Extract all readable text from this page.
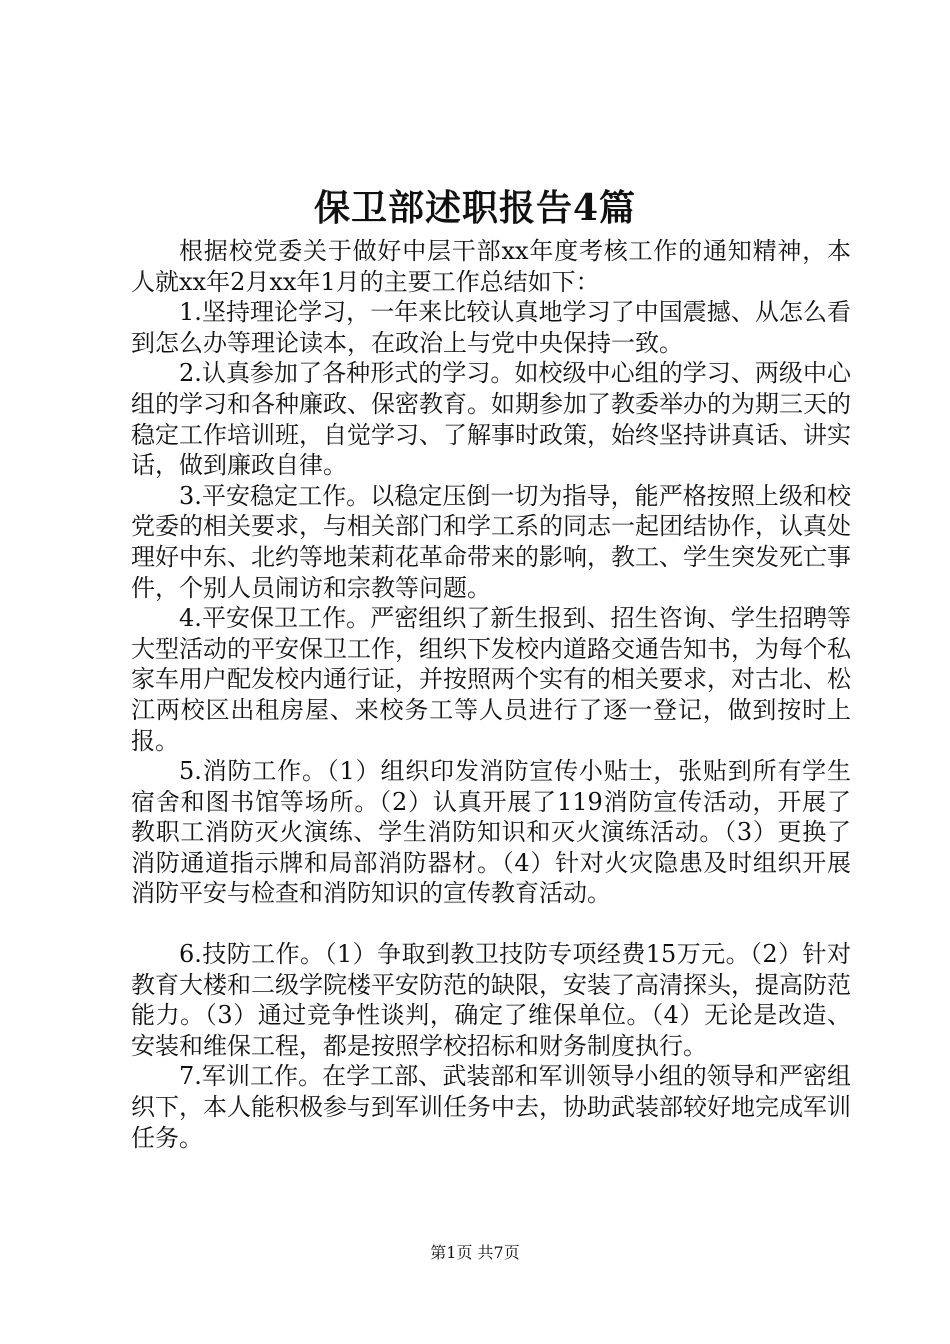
保卫部述职报告4篇

根据校党委关于做好中层干部xx年度考核工作的通知精神，本人就xx年2月xx年1月的主要工作总结如下：

1.坚持理论学习，一年来比较认真地学习了中国震撼、从怎么看到怎么办等理论读本，在政治上与党中央保持一致。

2.认真参加了各种形式的学习。如校级中心组的学习、两级中心组的学习和各种廉政、保密教育。如期参加了教委举办的为期三天的稳定工作培训班，自觉学习、了解事时政策，始终坚持讲真话、讲实话，做到廉政自律。

3.平安稳定工作。以稳定压倒一切为指导，能严格按照上级和校党委的相关要求，与相关部门和学工系的同志一起团结协作，认真处理好中东、北约等地茉莉花革命带来的影响，教工、学生突发死亡事件，个别人员闹访和宗教等问题。

4.平安保卫工作。严密组织了新生报到、招生咨询、学生招聘等大型活动的平安保卫工作，组织下发校内道路交通告知书，为每个私家车用户配发校内通行证，并按照两个实有的相关要求，对古北、松江两校区出租房屋、来校务工等人员进行了逐一登记，做到按时上报。

5.消防工作。（1）组织印发消防宣传小贴士，张贴到所有学生宿舍和图书馆等场所。（2）认真开展了119消防宣传活动，开展了教职工消防灭火演练、学生消防知识和灭火演练活动。（3）更换了消防通道指示牌和局部消防器材。（4）针对火灾隐患及时组织开展消防平安与检查和消防知识的宣传教育活动。

6.技防工作。（1）争取到教卫技防专项经费15万元。（2）针对教育大楼和二级学院楼平安防范的缺限，安装了高清探头，提高防范能力。（3）通过竞争性谈判，确定了维保单位。（4）无论是改造、安装和维保工程，都是按照学校招标和财务制度执行。

7.军训工作。在学工部、武装部和军训领导小组的领导和严密组织下，本人能积极参与到军训任务中去，协助武装部较好地完成军训任务。

第1页 共7页
